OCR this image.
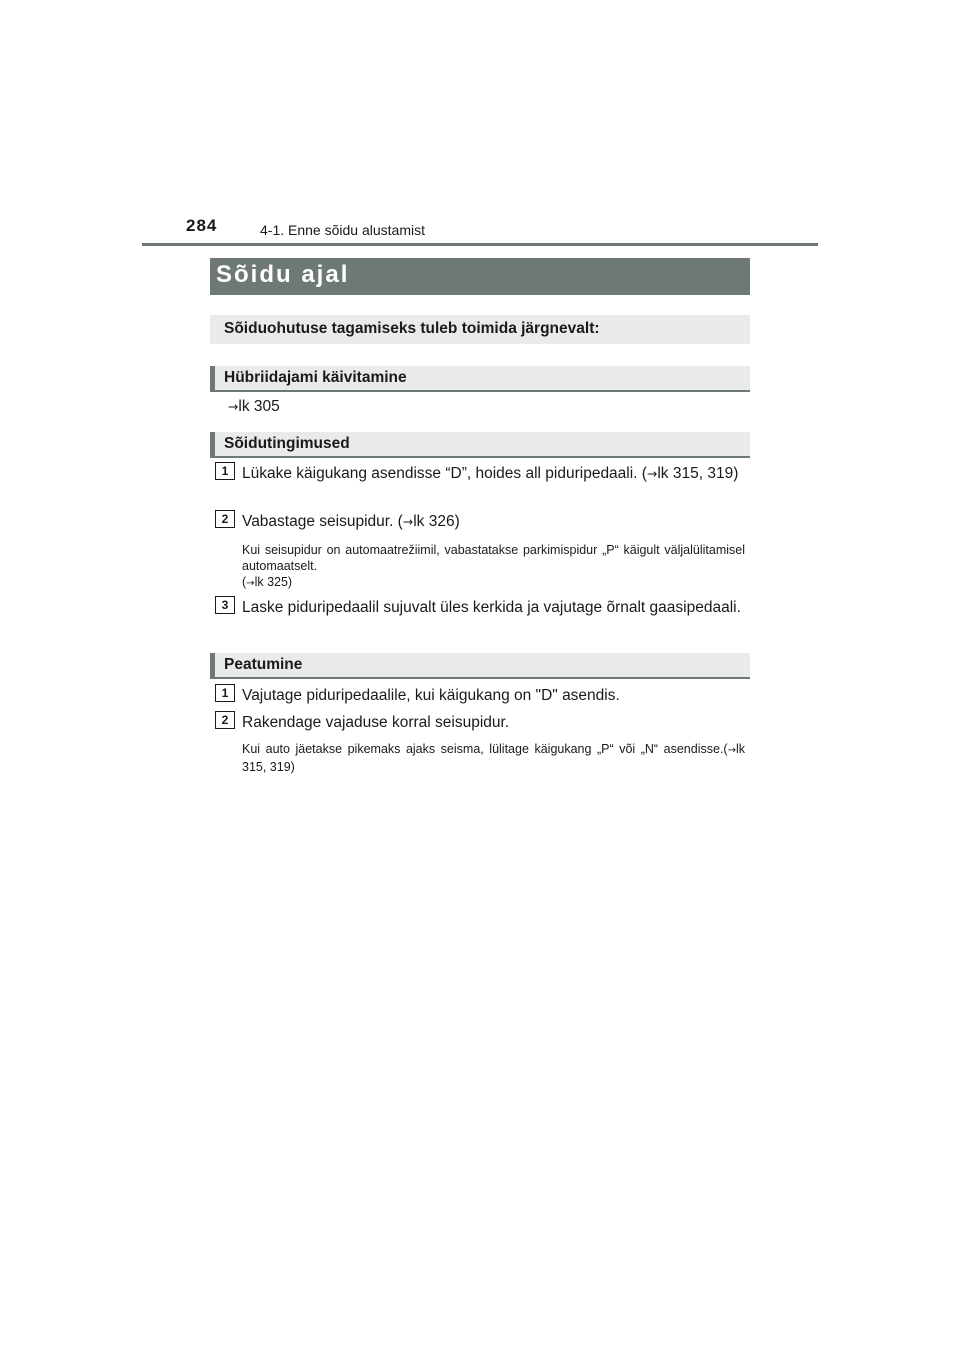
284	4-1. Enne sõidu alustamist
Sõidu ajal
Sõiduohutuse tagamiseks tuleb toimida järgnevalt:
Hübriidajami käivitamine
→lk 305
Sõidutingimused
1 Lükake käigukang asendisse “D”, hoides all piduripedaali. (→lk 315, 319)
2 Vabastage seisupidur. (→lk 326)
Kui seisupidur on automaatrežiimil, vabastatakse parkimispidur „P“ käigult väljalülitamisel automaatselt.
(→lk 325)
3 Laske piduripedaalil sujuvalt üles kerkida ja vajutage õrnalt gaasipedaali.
Peatumine
1 Vajutage piduripedaalile, kui käigukang on "D" asendis.
2 Rakendage vajaduse korral seisupidur.
Kui auto jäetakse pikemaks ajaks seisma, lülitage käigukang „P“ või „N“ asendisse.(→lk 315, 319)
